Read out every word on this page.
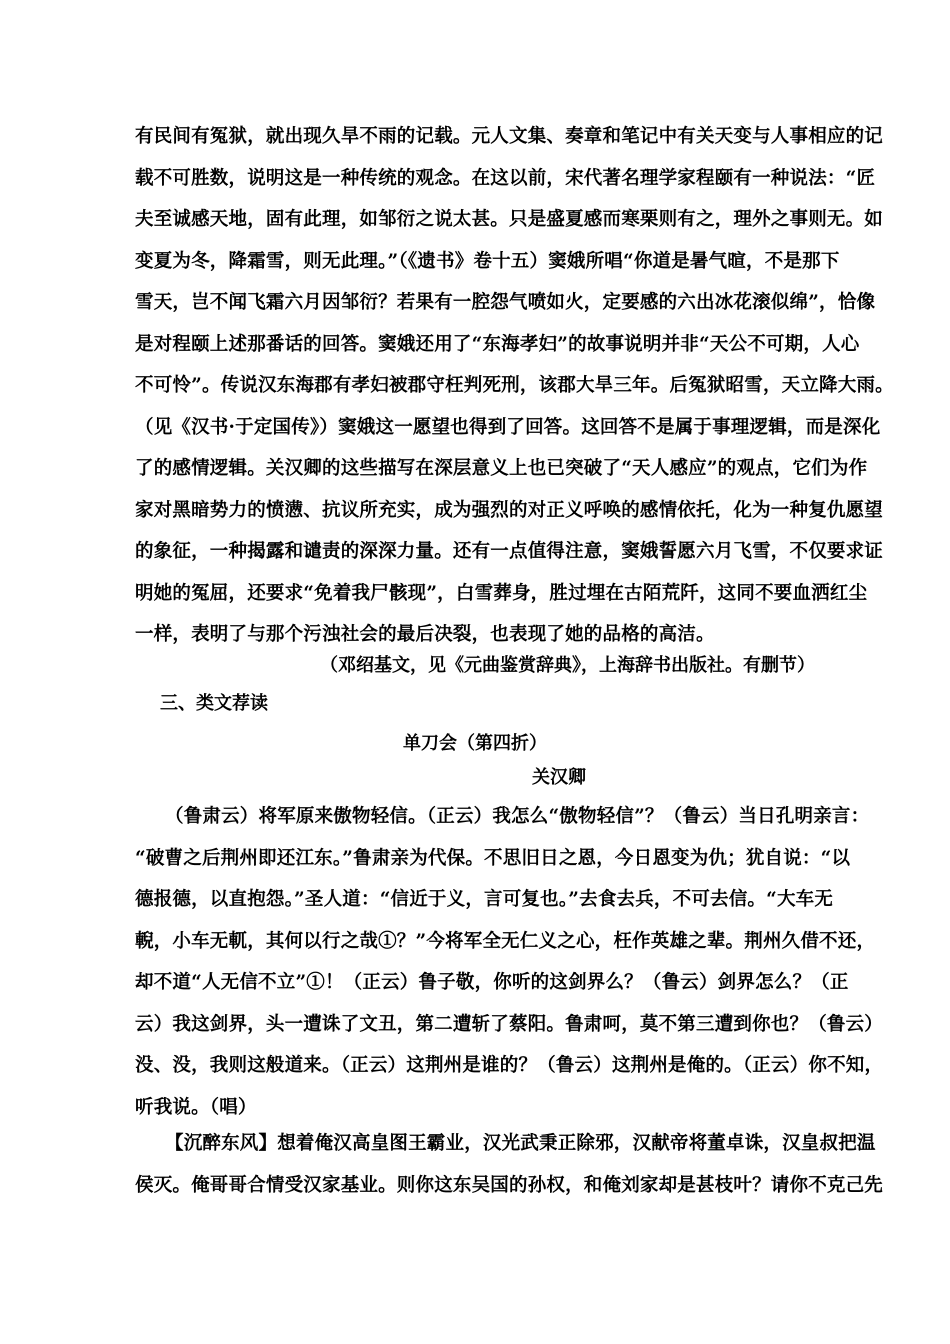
有民间有冤狱，就出现久旱不雨的记载。元人文集、奏章和笔记中有关天变与人事相应的记
载不可胜数，说明这是一种传统的观念。在这以前，宋代著名理学家程颐有一种说法：“匠
夫至诚感天地，固有此理，如邹衍之说太甚。只是盛夏感而寒栗则有之，理外之事则无。如
变夏为冬，降霜雪，则无此理。”（《遗书》卷十五）窦娥所唱“你道是暑气暄，不是那下
雪天，岂不闻飞霜六月因邹衍？若果有一腔怨气喷如火，定要感的六出冰花滚似绵”，恰像
是对程颐上述那番话的回答。窦娥还用了“东海孝妇”的故事说明并非“天公不可期，人心
不可怜”。传说汉东海郡有孝妇被郡守枉判死刑，该郡大旱三年。后冤狱昭雪，天立降大雨。
（见《汉书·于定国传》）窦娥这一愿望也得到了回答。这回答不是属于事理逻辑，而是深化
了的感情逻辑。关汉卿的这些描写在深层意义上也已突破了“天人感应”的观点，它们为作
家对黑暗势力的愤懑、抗议所充实，成为强烈的对正义呼唤的感情依托，化为一种复仇愿望
的象征，一种揭露和谴责的深深力量。还有一点值得注意，窦娥誓愿六月飞雪，不仅要求证
明她的冤屈，还要求“免着我尸骸现”，白雪葬身，胜过埋在古陌荒阡，这同不要血洒红尘
一样，表明了与那个污浊社会的最后决裂，也表现了她的品格的高洁。
（邓绍基文，见《元曲鉴赏辞典》，上海辞书出版社。有删节）
三、类文荐读
单刀会（第四折）
关汉卿
（鲁肃云）将军原来傲物轻信。（正云）我怎么“傲物轻信”？（鲁云）当日孔明亲言：
“破曹之后荆州即还江东。”鲁肃亲为代保。不思旧日之恩，今日恩变为仇；犹自说：“以
德报德，以直抱怨。”圣人道：“信近于义，言可复也。”去食去兵，不可去信。“大车无
輗，小车无軏，其何以行之哉①？”今将军全无仁义之心，枉作英雄之辈。荆州久借不还，
却不道“人无信不立”①！（正云）鲁子敬，你听的这剑界么？（鲁云）剑界怎么？（正
云）我这剑界，头一遭诛了文丑，第二遭斩了蔡阳。鲁肃呵，莫不第三遭到你也？（鲁云）
没、没，我则这般道来。（正云）这荆州是谁的？（鲁云）这荆州是俺的。（正云）你不知，
听我说。（唱）
【沉醉东风】想着俺汉高皇图王霸业，汉光武秉正除邪，汉献帝将董卓诛，汉皇叔把温
侯灭。俺哥哥合情受汉家基业。则你这东吴国的孙权，和俺刘家却是甚枝叶？请你不克己先
